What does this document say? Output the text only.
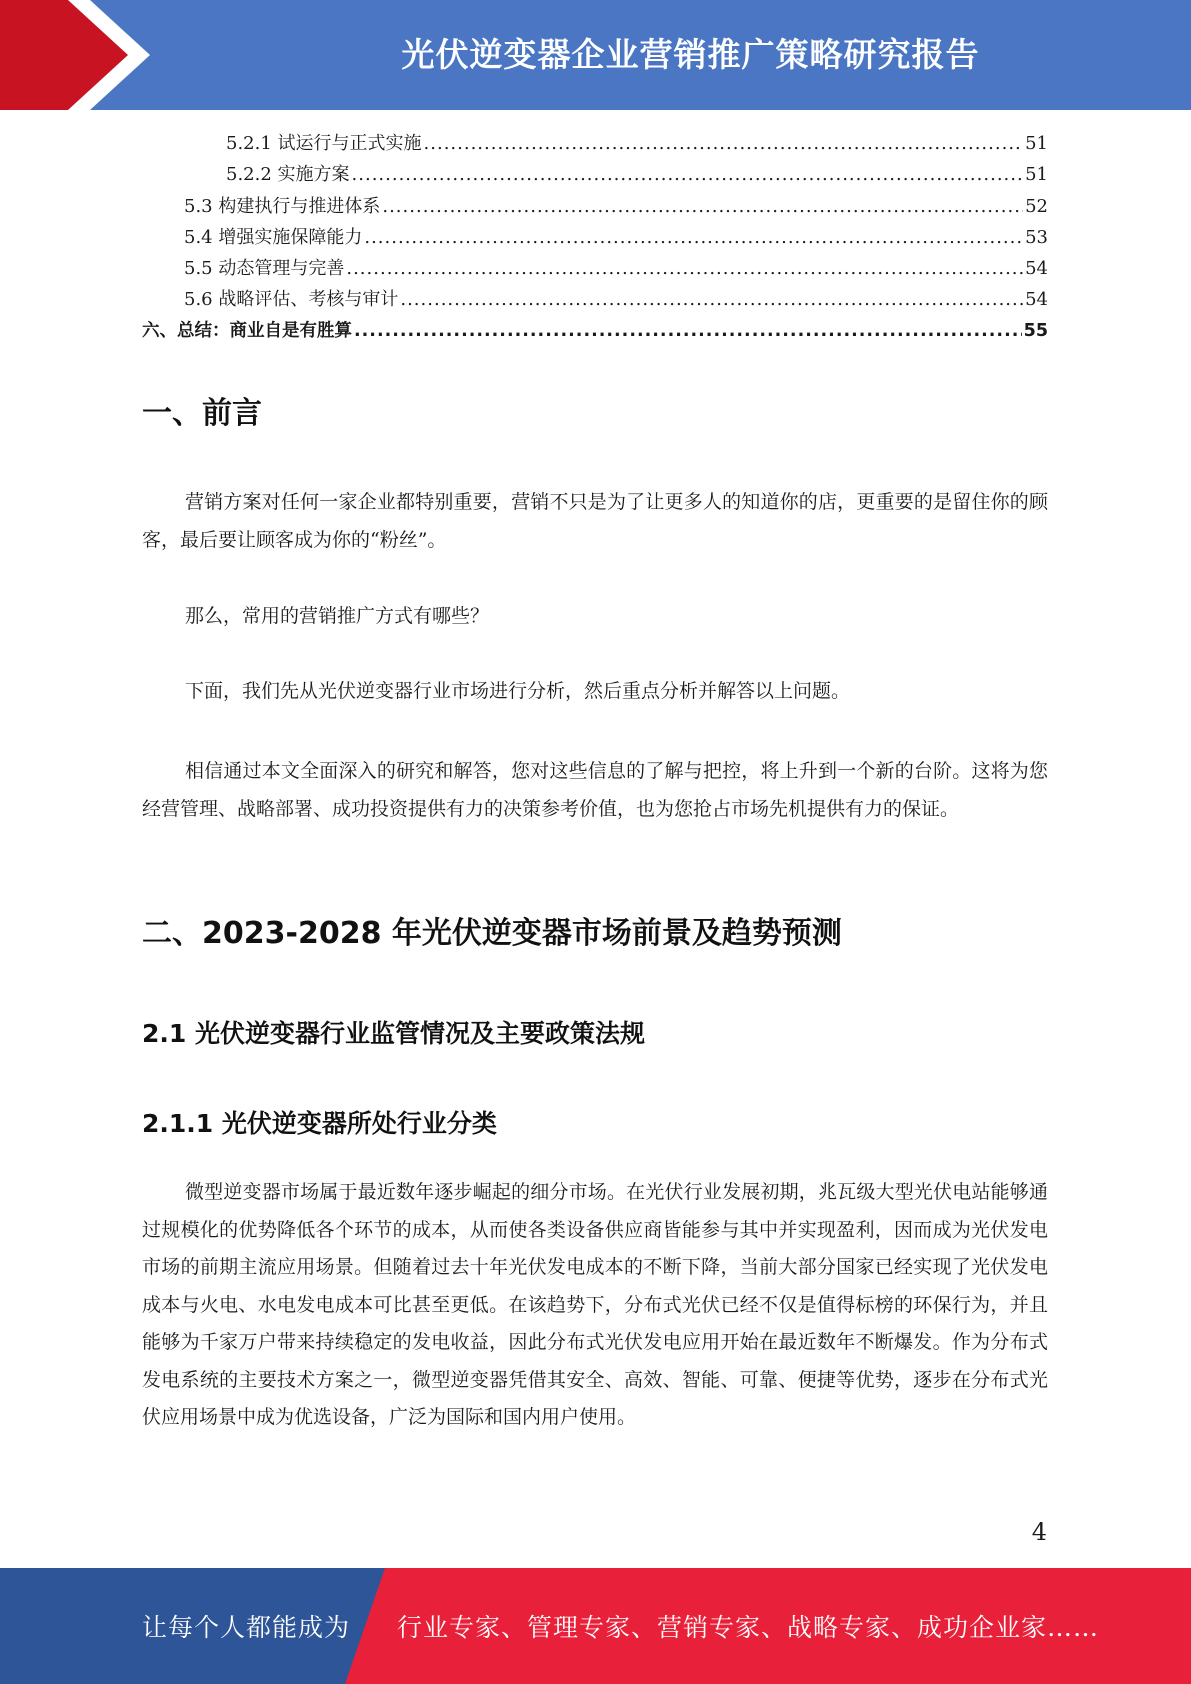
光伏逆变器企业营销推广策略研究报告
5.2.1 试运行与正式实施 .....	51
5.2.2 实施方案 .....	51
5.3 构建执行与推进体系 .....	52
5.4 增强实施保障能力 .....	53
5.5 动态管理与完善 .....	54
5.6 战略评估、考核与审计 .....	54
六、总结：商业自是有胜算 .....	55
一、前言

营销方案对任何一家企业都特别重要，营销不只是为了让更多人的知道你的店，更重要的是留住你的顾客，最后要让顾客成为你的“粉丝”。

那么，常用的营销推广方式有哪些？

下面，我们先从光伏逆变器行业市场进行分析，然后重点分析并解答以上问题。

相信通过本文全面深入的研究和解答，您对这些信息的了解与把控，将上升到一个新的台阶。这将为您经营管理、战略部署、成功投资提供有力的决策参考价值，也为您抢占市场先机提供有力的保证。

二、2023-2028 年光伏逆变器市场前景及趋势预测
2.1 光伏逆变器行业监管情况及主要政策法规
2.1.1 光伏逆变器所处行业分类

微型逆变器市场属于最近数年逐步崛起的细分市场。在光伏行业发展初期，兆瓦级大型光伏电站能够通过规模化的优势降低各个环节的成本，从而使各类设备供应商皆能参与其中并实现盈利，因而成为光伏发电市场的前期主流应用场景。但随着过去十年光伏发电成本的不断下降，当前大部分国家已经实现了光伏发电成本与火电、水电发电成本可比甚至更低。在该趋势下，分布式光伏已经不仅是值得标榜的环保行为，并且能够为千家万户带来持续稳定的发电收益，因此分布式光伏发电应用开始在最近数年不断爆发。作为分布式发电系统的主要技术方案之一，微型逆变器凭借其安全、高效、智能、可靠、便捷等优势，逐步在分布式光伏应用场景中成为优选设备，广泛为国际和国内用户使用。

4
让每个人都能成为 行业专家、管理专家、营销专家、战略专家、成功企业家……
